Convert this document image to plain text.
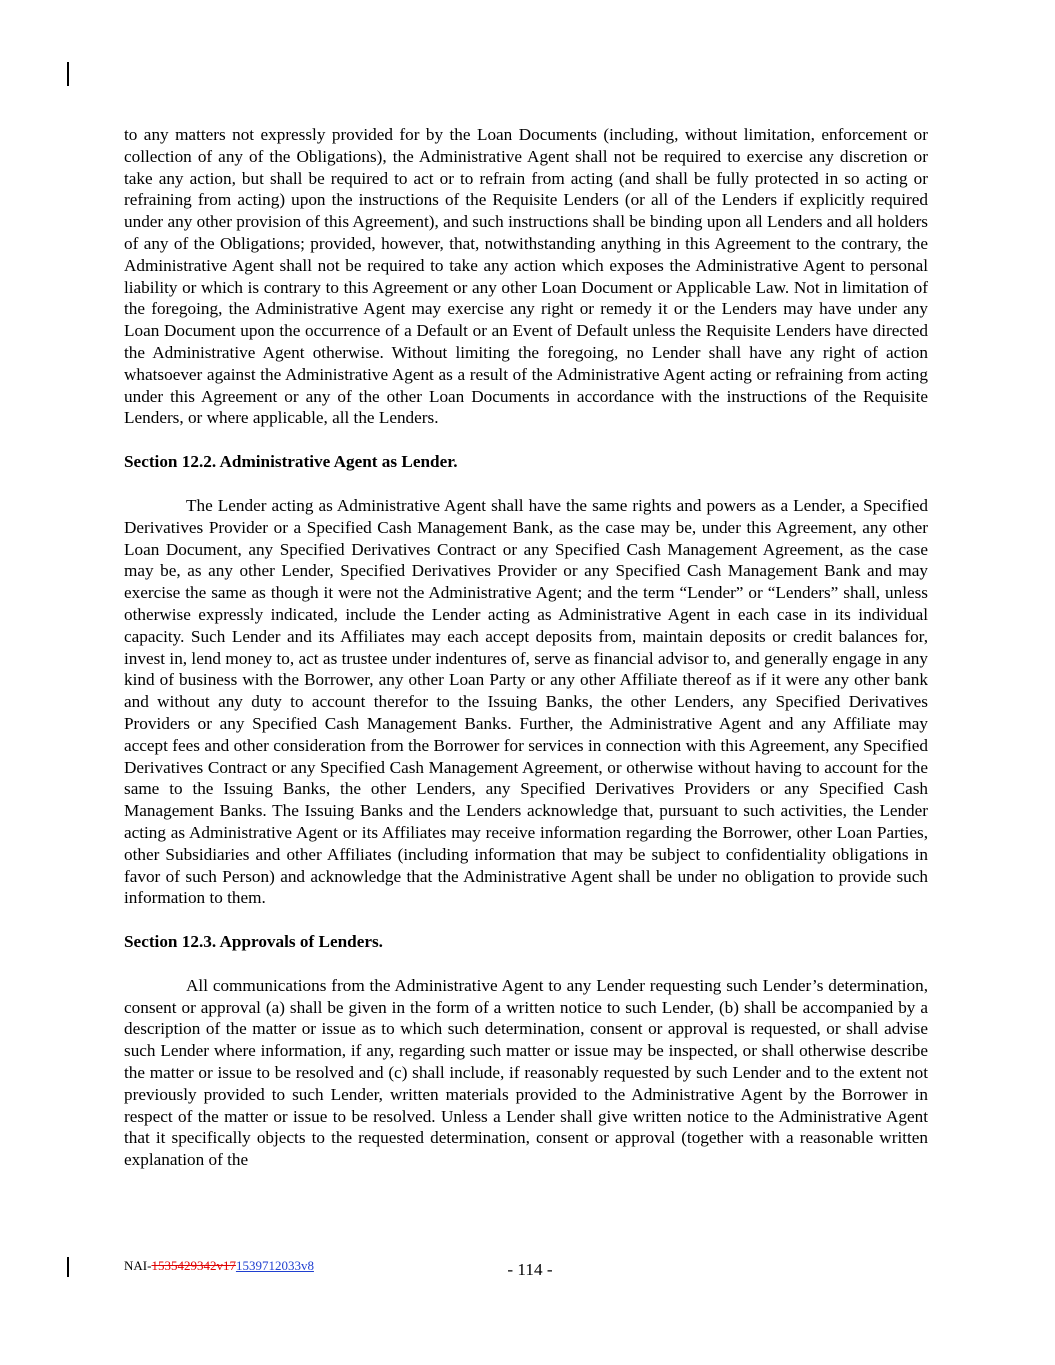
to any matters not expressly provided for by the Loan Documents (including, without limitation, enforcement or collection of any of the Obligations), the Administrative Agent shall not be required to exercise any discretion or take any action, but shall be required to act or to refrain from acting (and shall be fully protected in so acting or refraining from acting) upon the instructions of the Requisite Lenders (or all of the Lenders if explicitly required under any other provision of this Agreement), and such instructions shall be binding upon all Lenders and all holders of any of the Obligations; provided, however, that, notwithstanding anything in this Agreement to the contrary, the Administrative Agent shall not be required to take any action which exposes the Administrative Agent to personal liability or which is contrary to this Agreement or any other Loan Document or Applicable Law. Not in limitation of the foregoing, the Administrative Agent may exercise any right or remedy it or the Lenders may have under any Loan Document upon the occurrence of a Default or an Event of Default unless the Requisite Lenders have directed the Administrative Agent otherwise. Without limiting the foregoing, no Lender shall have any right of action whatsoever against the Administrative Agent as a result of the Administrative Agent acting or refraining from acting under this Agreement or any of the other Loan Documents in accordance with the instructions of the Requisite Lenders, or where applicable, all the Lenders.

Section 12.2. Administrative Agent as Lender.

The Lender acting as Administrative Agent shall have the same rights and powers as a Lender, a Specified Derivatives Provider or a Specified Cash Management Bank, as the case may be, under this Agreement, any other Loan Document, any Specified Derivatives Contract or any Specified Cash Management Agreement, as the case may be, as any other Lender, Specified Derivatives Provider or any Specified Cash Management Bank and may exercise the same as though it were not the Administrative Agent; and the term “Lender” or “Lenders” shall, unless otherwise expressly indicated, include the Lender acting as Administrative Agent in each case in its individual capacity. Such Lender and its Affiliates may each accept deposits from, maintain deposits or credit balances for, invest in, lend money to, act as trustee under indentures of, serve as financial advisor to, and generally engage in any kind of business with the Borrower, any other Loan Party or any other Affiliate thereof as if it were any other bank and without any duty to account therefor to the Issuing Banks, the other Lenders, any Specified Derivatives Providers or any Specified Cash Management Banks. Further, the Administrative Agent and any Affiliate may accept fees and other consideration from the Borrower for services in connection with this Agreement, any Specified Derivatives Contract or any Specified Cash Management Agreement, or otherwise without having to account for the same to the Issuing Banks, the other Lenders, any Specified Derivatives Providers or any Specified Cash Management Banks. The Issuing Banks and the Lenders acknowledge that, pursuant to such activities, the Lender acting as Administrative Agent or its Affiliates may receive information regarding the Borrower, other Loan Parties, other Subsidiaries and other Affiliates (including information that may be subject to confidentiality obligations in favor of such Person) and acknowledge that the Administrative Agent shall be under no obligation to provide such information to them.

Section 12.3. Approvals of Lenders.

All communications from the Administrative Agent to any Lender requesting such Lender’s determination, consent or approval (a) shall be given in the form of a written notice to such Lender, (b) shall be accompanied by a description of the matter or issue as to which such determination, consent or approval is requested, or shall advise such Lender where information, if any, regarding such matter or issue may be inspected, or shall otherwise describe the matter or issue to be resolved and (c) shall include, if reasonably requested by such Lender and to the extent not previously provided to such Lender, written materials provided to the Administrative Agent by the Borrower in respect of the matter or issue to be resolved. Unless a Lender shall give written notice to the Administrative Agent that it specifically objects to the requested determination, consent or approval (together with a reasonable written explanation of the

NAI-1535429342v171539712033v8	- 114 -
